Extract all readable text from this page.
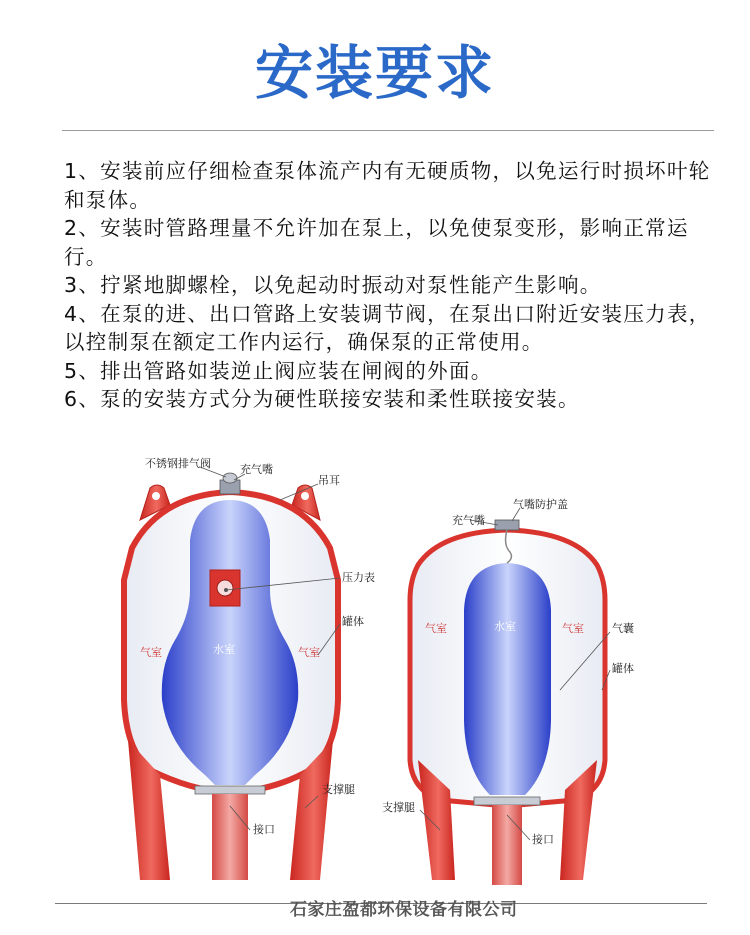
安装要求
1、安装前应仔细检查泵体流产内有无硬质物，以免运行时损坏叶轮和泵体。
2、安装时管路理量不允许加在泵上，以免使泵变形，影响正常运行。
3、拧紧地脚螺栓，以免起动时振动对泵性能产生影响。
4、在泵的进、出口管路上安装调节阀，在泵出口附近安装压力表，以控制泵在额定工作内运行，确保泵的正常使用。
5、排出管路如装逆止阀应装在闸阀的外面。
6、泵的安装方式分为硬性联接安装和柔性联接安装。
不锈钢排气阀	充气嘴
吊耳
压力表
罐体
气室	水室	气室
支撑腿
接口
充气嘴
气嘴防护盖
气室	水室	气室	气囊
罐体
支撑腿
接口
石家庄盈都环保设备有限公司
